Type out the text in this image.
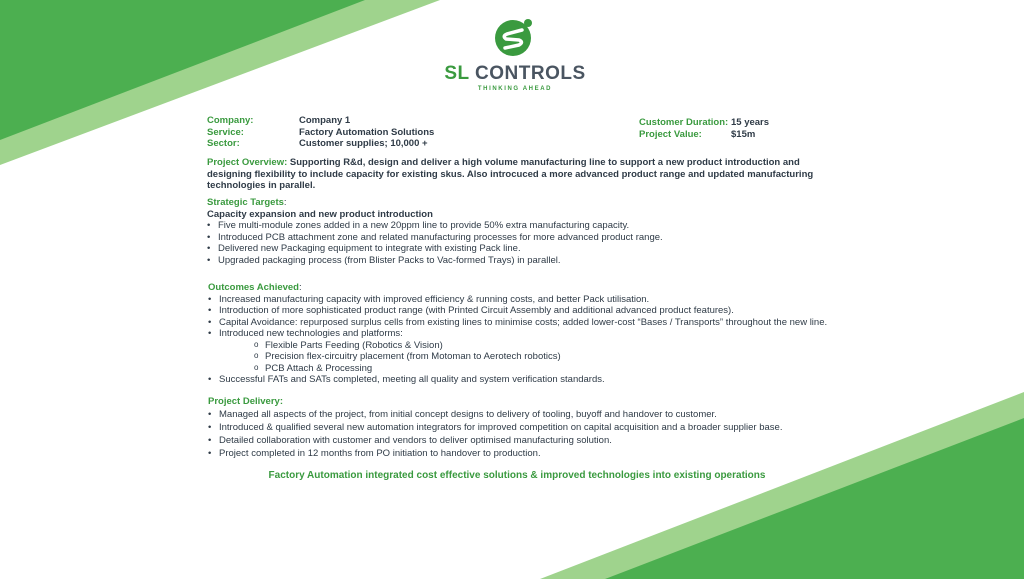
SL CONTROLS
THINKING AHEAD
Company:	Company 1
Service:	Factory Automation Solutions
Sector:	Customer supplies; 10,000 +
Customer Duration: 15 years
Project Value:	$15m
Project Overview: Supporting R&d, design and deliver a high volume manufacturing line to support a new product introduction and designing flexibility to include capacity for existing skus. Also introcuced a more advanced product range and updated manufacturing technologies in parallel.
Strategic Targets:
Capacity expansion and new product introduction
• Five multi-module zones added in a new 20ppm line to provide 50% extra manufacturing capacity.
• Introduced PCB attachment zone and related manufacturing processes for more advanced product range.
• Delivered new Packaging equipment to integrate with existing Pack line.
• Upgraded packaging process (from Blister Packs to Vac-formed Trays) in parallel.
Outcomes Achieved:
• Increased manufacturing capacity with improved efficiency & running costs, and better Pack utilisation.
• Introduction of more sophisticated product range (with Printed Circuit Assembly and additional advanced product features).
• Capital Avoidance: repurposed surplus cells from existing lines to minimise costs; added lower-cost “Bases / Transports” throughout the new line.
• Introduced new technologies and platforms:
o Flexible Parts Feeding (Robotics & Vision)
o Precision flex-circuitry placement (from Motoman to Aerotech robotics)
o PCB Attach & Processing
• Successful FATs and SATs completed, meeting all quality and system verification standards.
Project Delivery:
• Managed all aspects of the project, from initial concept designs to delivery of tooling, buyoff and handover to customer.
• Introduced & qualified several new automation integrators for improved competition on capital acquisition and a broader supplier base.
• Detailed collaboration with customer and vendors to deliver optimised manufacturing solution.
• Project completed in 12 months from PO initiation to handover to production.
Factory Automation integrated cost effective solutions & improved technologies into existing operations
